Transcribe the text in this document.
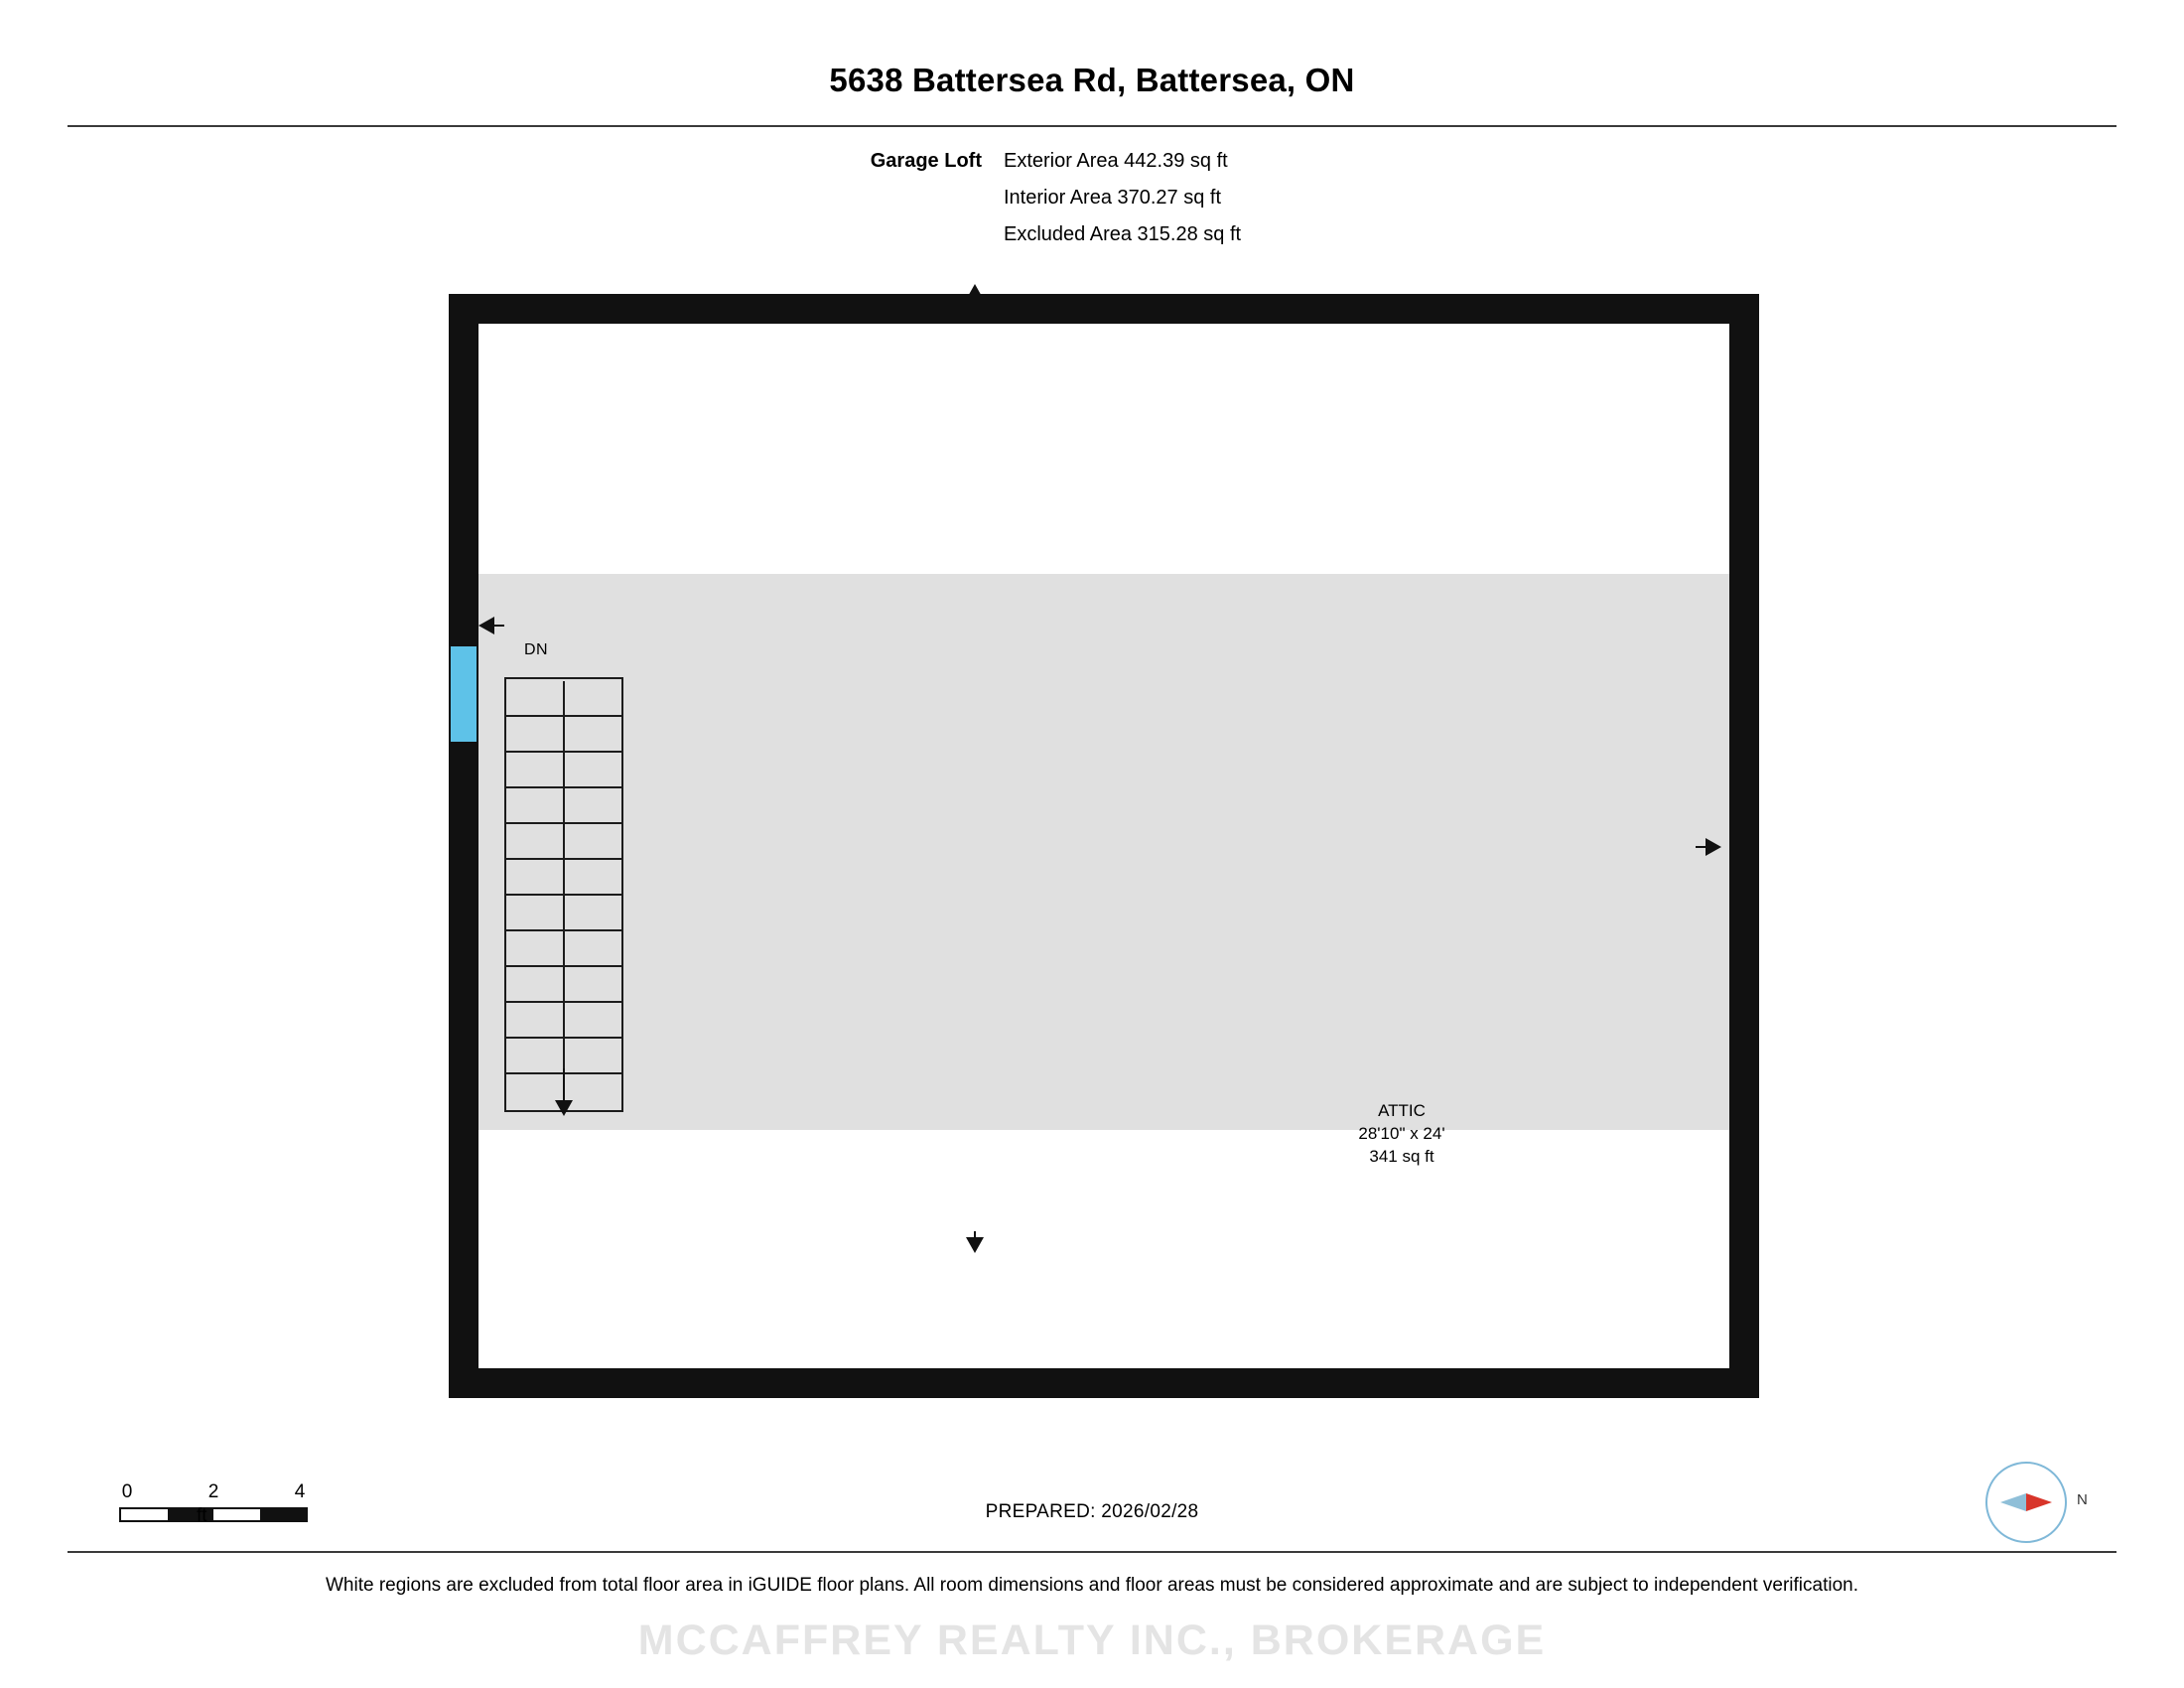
5638 Battersea Rd, Battersea, ON
Garage Loft	Exterior Area 442.39 sq ft
Interior Area 370.27 sq ft
Excluded Area 315.28 sq ft
DN
ATTIC
28'10" x 24'
341 sq ft
0	2	4
ft	PREPARED: 2026/02/28
N
White regions are excluded from total floor area in iGUIDE floor plans. All room dimensions and floor areas must be considered approximate and are subject to independent verification.
MCCAFFREY REALTY INC., BROKERAGE
